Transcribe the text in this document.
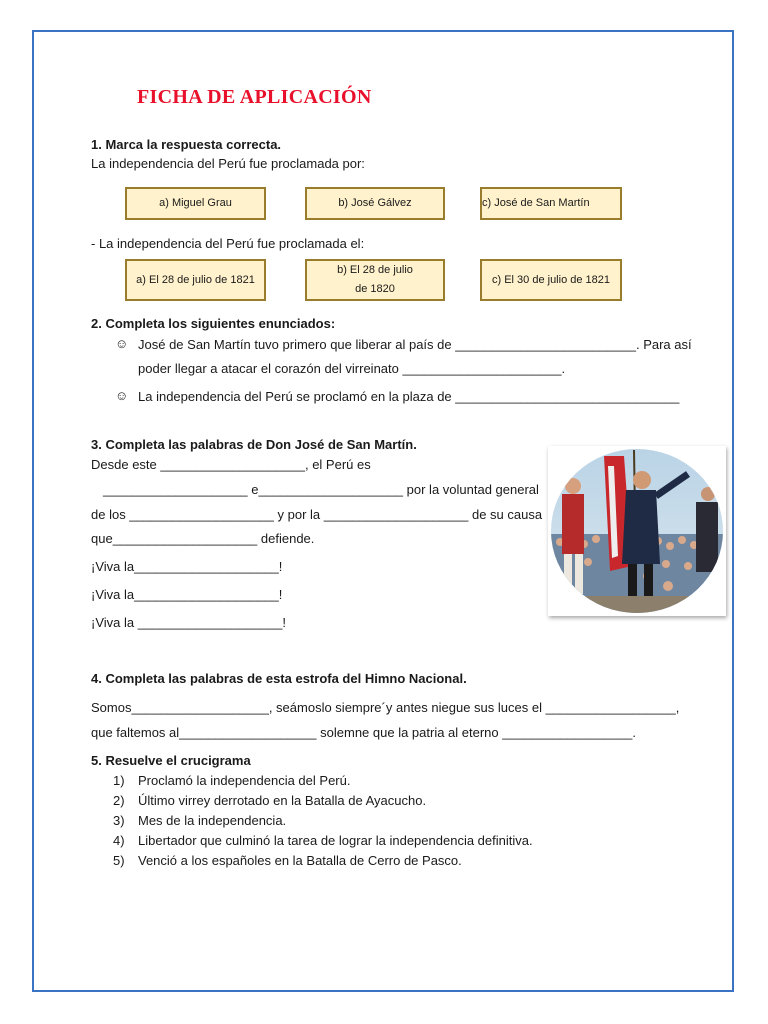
FICHA DE APLICACIÓN
1. Marca la respuesta correcta.
La independencia del Perú fue proclamada por:
a) Miguel Grau	b) José Gálvez	c) José de San Martín
- La independencia del Perú fue proclamada el:
a) El 28 de julio de 1821
b) El 28 de julio
de 1820
c) El 30 de julio de 1821
2. Completa los siguientes enunciados:
☺ José de San Martín tuvo primero que liberar al país de _________________________. Para así
poder llegar a atacar el corazón del virreinato ______________________.
☺ La independencia del Perú se proclamó en la plaza de _______________________________
3. Completa las palabras de Don José de San Martín.
Desde este ____________________, el Perú es
____________________ e____________________ por la voluntad general
de los ____________________ y por la ____________________ de su causa
que____________________ defiende.
¡Viva la____________________!
¡Viva la____________________!
¡Viva la ____________________!
4. Completa las palabras de esta estrofa del Himno Nacional.
Somos___________________, seámoslo siempre´y antes niegue sus luces el __________________,
que faltemos al___________________ solemne que la patria al eterno __________________.
5. Resuelve el crucigrama
1) Proclamó la independencia del Perú.
2) Último virrey derrotado en la Batalla de Ayacucho.
3) Mes de la independencia.
4) Libertador que culminó la tarea de lograr la independencia definitiva.
5) Venció a los españoles en la Batalla de Cerro de Pasco.
